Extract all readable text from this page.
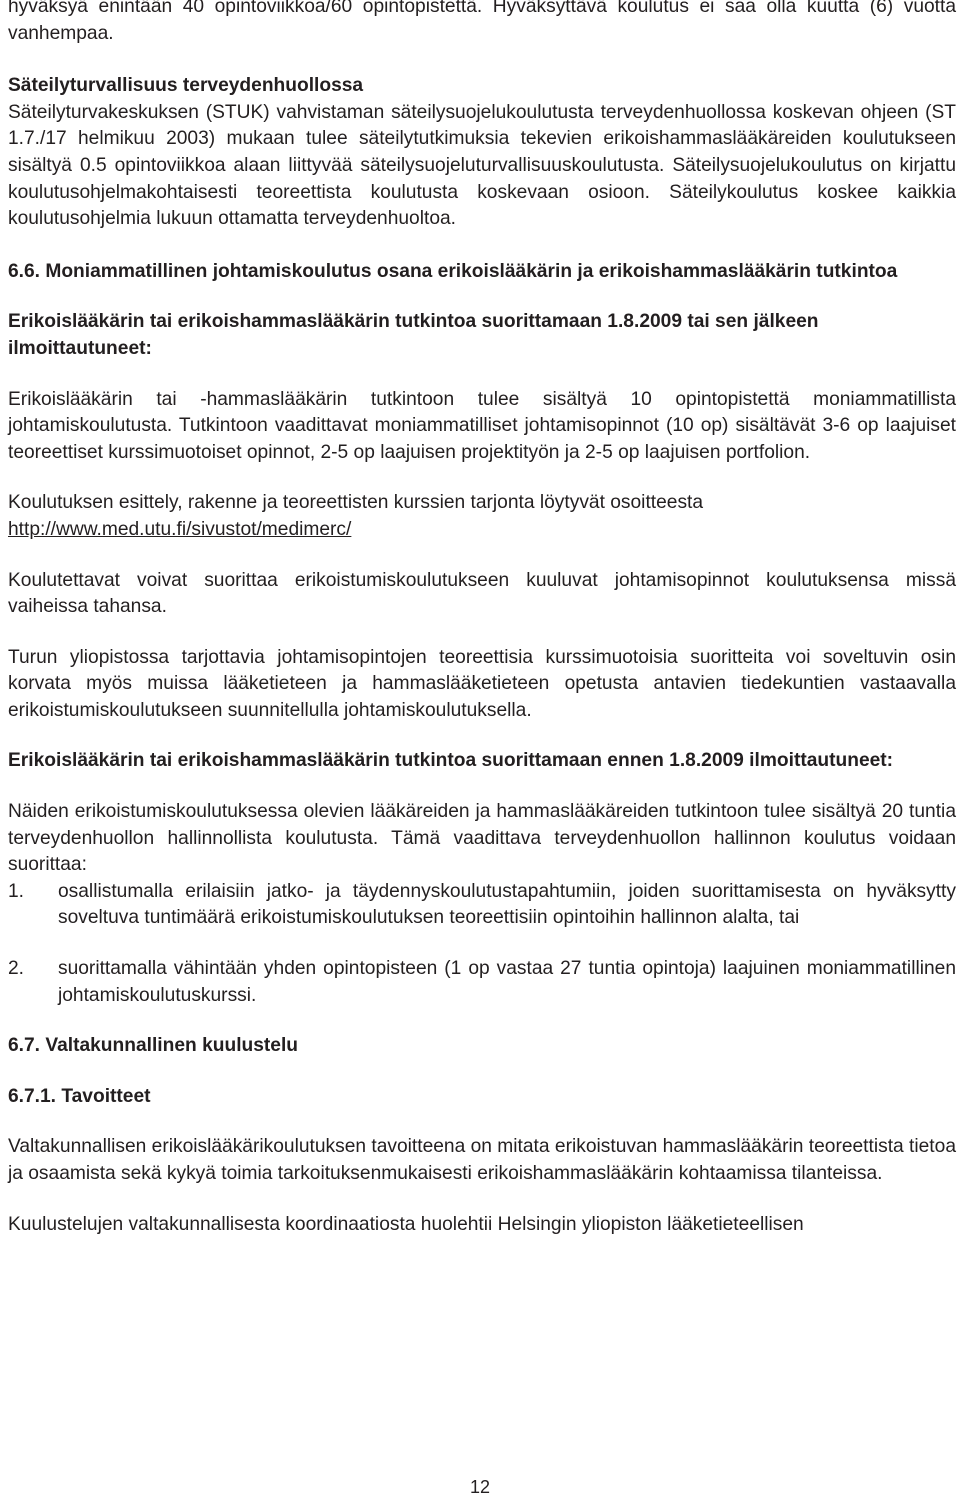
hyväksyä enintään 40 opintoviikkoa/60 opintopistettä. Hyväksyttävä koulutus ei saa olla kuutta (6) vuotta vanhempaa.

Säteilyturvallisuus terveydenhuollossa

Säteilyturvakeskuksen (STUK) vahvistaman säteilysuojelukoulutusta terveydenhuollossa koskevan ohjeen (ST 1.7./17 helmikuu 2003) mukaan tulee säteilytutkimuksia tekevien erikoishammaslääkäreiden koulutukseen sisältyä 0.5 opintoviikkoa alaan liittyvää säteilysuojeluturvallisuuskoulutusta. Säteilysuojelukoulutus on kirjattu koulutusohjelmakohtaisesti teoreettista koulutusta koskevaan osioon. Säteilykoulutus koskee kaikkia koulutusohjelmia lukuun ottamatta terveydenhuoltoa.

6.6. Moniammatillinen johtamiskoulutus osana erikoislääkärin ja erikoishammaslääkärin tutkintoa

Erikoislääkärin tai erikoishammaslääkärin tutkintoa suorittamaan 1.8.2009 tai sen jälkeen ilmoittautuneet:

Erikoislääkärin tai -hammaslääkärin tutkintoon tulee sisältyä 10 opintopistettä moniammatillista johtamiskoulutusta. Tutkintoon vaadittavat moniammatilliset johtamisopinnot (10 op) sisältävät 3-6 op laajuiset teoreettiset kurssimuotoiset opinnot, 2-5 op laajuisen projektityön ja 2-5 op laajuisen portfolion.

Koulutuksen esittely, rakenne ja teoreettisten kurssien tarjonta löytyvät osoitteesta http://www.med.utu.fi/sivustot/medimerc/

Koulutettavat voivat suorittaa erikoistumiskoulutukseen kuuluvat johtamisopinnot koulutuksensa missä vaiheissa tahansa.

Turun yliopistossa tarjottavia johtamisopintojen teoreettisia kurssimuotoisia suoritteita voi soveltuvin osin korvata myös muissa lääketieteen ja hammaslääketieteen opetusta antavien tiedekuntien vastaavalla erikoistumiskoulutukseen suunnitellulla johtamiskoulutuksella.

Erikoislääkärin tai erikoishammaslääkärin tutkintoa suorittamaan ennen 1.8.2009 ilmoittautuneet:

Näiden erikoistumiskoulutuksessa olevien lääkäreiden ja hammaslääkäreiden tutkintoon tulee sisältyä 20 tuntia terveydenhuollon hallinnollista koulutusta. Tämä vaadittava terveydenhuollon hallinnon koulutus voidaan suorittaa:

1.	osallistumalla erilaisiin jatko- ja täydennyskoulutustapahtumiin, joiden suorittamisesta on hyväksytty soveltuva tuntimäärä erikoistumiskoulutuksen teoreettisiin opintoihin hallinnon alalta, tai
2.	suorittamalla vähintään yhden opintopisteen (1 op vastaa 27 tuntia opintoja) laajuinen moniammatillinen johtamiskoulutuskurssi.

6.7. Valtakunnallinen kuulustelu

6.7.1. Tavoitteet

Valtakunnallisen erikoislääkärikoulutuksen tavoitteena on mitata erikoistuvan hammaslääkärin teoreettista tietoa ja osaamista sekä kykyä toimia tarkoituksenmukaisesti erikoishammaslääkärin kohtaamissa tilanteissa.

Kuulustelujen valtakunnallisesta koordinaatiosta huolehtii Helsingin yliopiston lääketieteellisen

12
